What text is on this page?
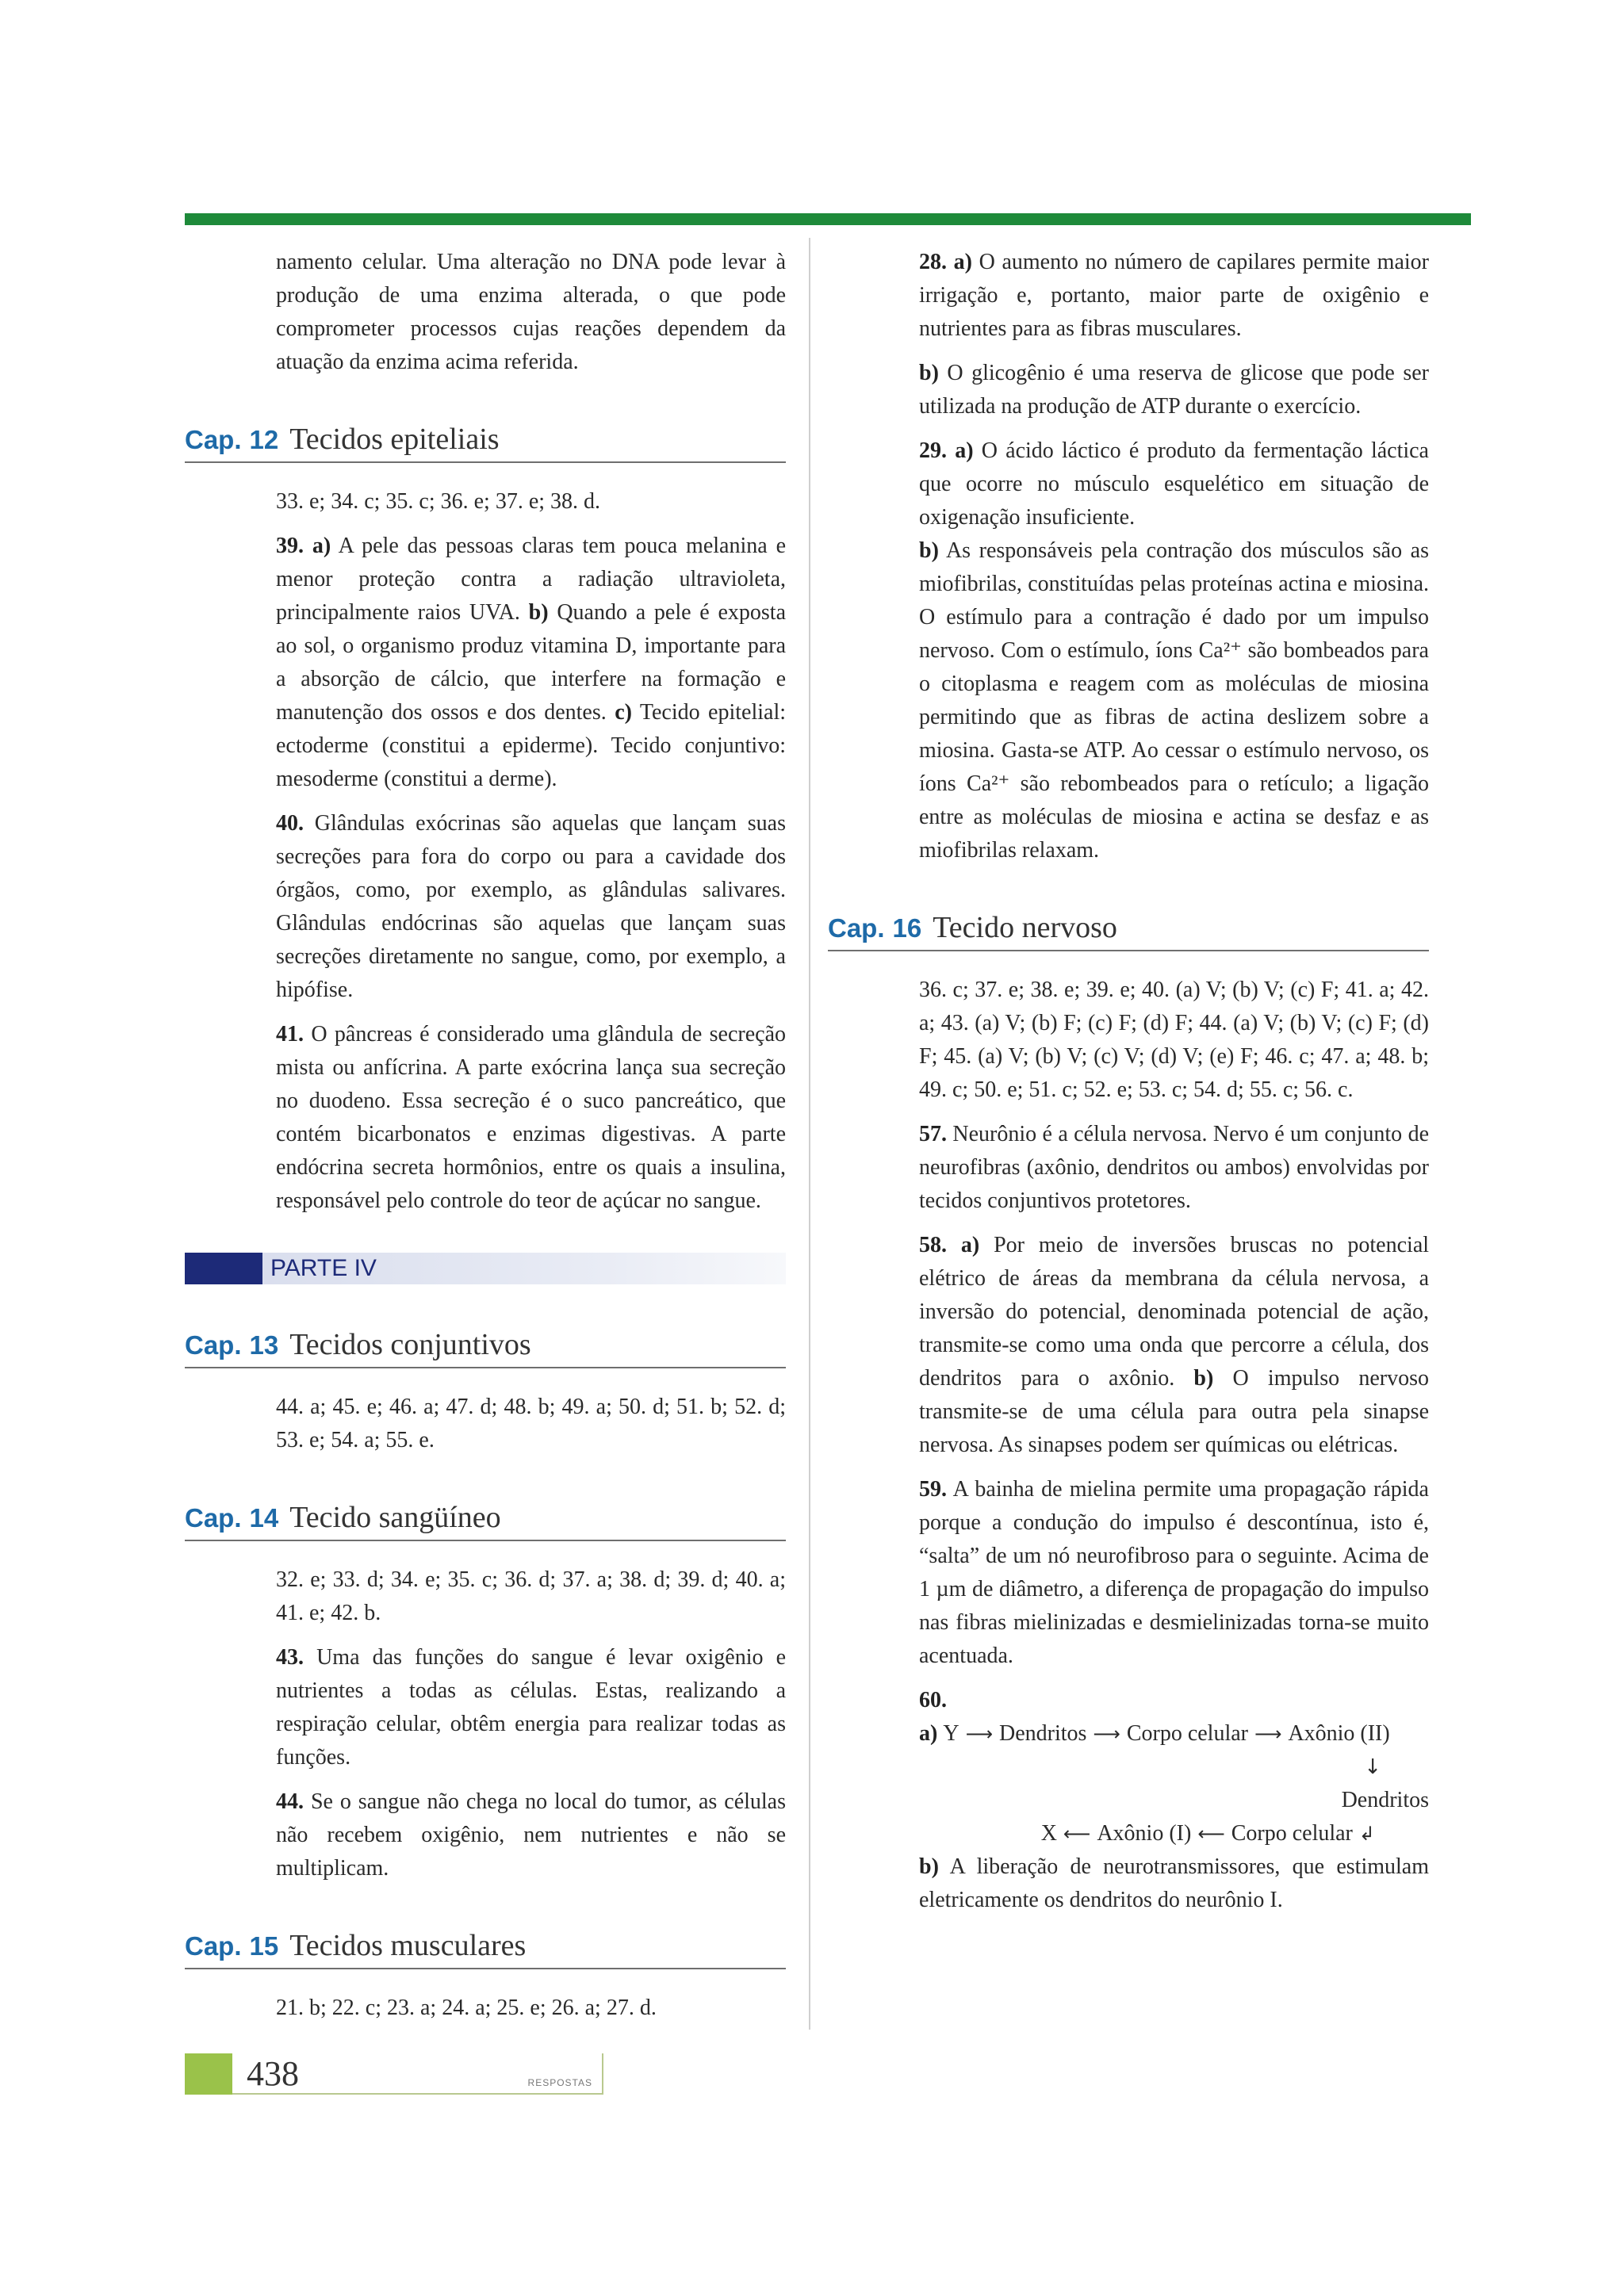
namento celular. Uma alteração no DNA pode levar à produção de uma enzima alterada, o que pode comprometer processos cujas reações dependem da atuação da enzima acima referida.

Cap. 12 Tecidos epiteliais

33. e; 34. c; 35. c; 36. e; 37. e; 38. d.

39. a) A pele das pessoas claras tem pouca melanina e menor proteção contra a radiação ultravioleta, principalmente raios UVA. b) Quando a pele é exposta ao sol, o organismo produz vitamina D, importante para a absorção de cálcio, que interfere na formação e manutenção dos ossos e dos dentes. c) Tecido epitelial: ectoderme (constitui a epiderme). Tecido conjuntivo: mesoderme (constitui a derme).

40. Glândulas exócrinas são aquelas que lançam suas secreções para fora do corpo ou para a cavidade dos órgãos, como, por exemplo, as glândulas salivares. Glândulas endócrinas são aquelas que lançam suas secreções diretamente no sangue, como, por exemplo, a hipófise.

41. O pâncreas é considerado uma glândula de secreção mista ou anfícrina. A parte exócrina lança sua secreção no duodeno. Essa secreção é o suco pancreático, que contém bicarbonatos e enzimas digestivas. A parte endócrina secreta hormônios, entre os quais a insulina, responsável pelo controle do teor de açúcar no sangue.

PARTE IV
Cap. 13 Tecidos conjuntivos

44. a; 45. e; 46. a; 47. d; 48. b; 49. a; 50. d; 51. b; 52. d; 53. e; 54. a; 55. e.

Cap. 14 Tecido sangüíneo

32. e; 33. d; 34. e; 35. c; 36. d; 37. a; 38. d; 39. d; 40. a; 41. e; 42. b.

43. Uma das funções do sangue é levar oxigênio e nutrientes a todas as células. Estas, realizando a respiração celular, obtêm energia para realizar todas as funções.

44. Se o sangue não chega no local do tumor, as células não recebem oxigênio, nem nutrientes e não se multiplicam.

Cap. 15 Tecidos musculares

21. b; 22. c; 23. a; 24. a; 25. e; 26. a; 27. d.

28. a) O aumento no número de capilares permite maior irrigação e, portanto, maior parte de oxigênio e nutrientes para as fibras musculares.

b) O glicogênio é uma reserva de glicose que pode ser utilizada na produção de ATP durante o exercício.

29. a) O ácido láctico é produto da fermentação láctica que ocorre no músculo esquelético em situação de oxigenação insuficiente.
b) As responsáveis pela contração dos músculos são as miofibrilas, constituídas pelas proteínas actina e miosina. O estímulo para a contração é dado por um impulso nervoso. Com o estímulo, íons Ca²⁺ são bombeados para o citoplasma e reagem com as moléculas de miosina permitindo que as fibras de actina deslizem sobre a miosina. Gasta-se ATP. Ao cessar o estímulo nervoso, os íons Ca²⁺ são rebombeados para o retículo; a ligação entre as moléculas de miosina e actina se desfaz e as miofibrilas relaxam.

Cap. 16 Tecido nervoso

36. c; 37. e; 38. e; 39. e; 40. (a) V; (b) V; (c) F; 41. a; 42. a; 43. (a) V; (b) F; (c) F; (d) F; 44. (a) V; (b) V; (c) F; (d) F; 45. (a) V; (b) V; (c) V; (d) V; (e) F; 46. c; 47. a; 48. b; 49. c; 50. e; 51. c; 52. e; 53. c; 54. d; 55. c; 56. c.

57. Neurônio é a célula nervosa. Nervo é um conjunto de neurofibras (axônio, dendritos ou ambos) envolvidas por tecidos conjuntivos protetores.

58. a) Por meio de inversões bruscas no potencial elétrico de áreas da membrana da célula nervosa, a inversão do potencial, denominada potencial de ação, transmite-se como uma onda que percorre a célula, dos dendritos para o axônio. b) O impulso nervoso transmite-se de uma célula para outra pela sinapse nervosa. As sinapses podem ser químicas ou elétricas.

59. A bainha de mielina permite uma propagação rápida porque a condução do impulso é descontínua, isto é, “salta” de um nó neurofibroso para o seguinte. Acima de 1 µm de diâmetro, a diferença de propagação do impulso nas fibras mielinizadas e desmielinizadas torna-se muito acentuada.

60.

a)
Y ⟶ Dendritos ⟶ Corpo celular ⟶ Axônio (II)
↓
Dendritos
X ⟵ Axônio (I) ⟵ Corpo celular ↲

b) A liberação de neurotransmissores, que estimulam eletricamente os dendritos do neurônio I.

438	RESPOSTAS
